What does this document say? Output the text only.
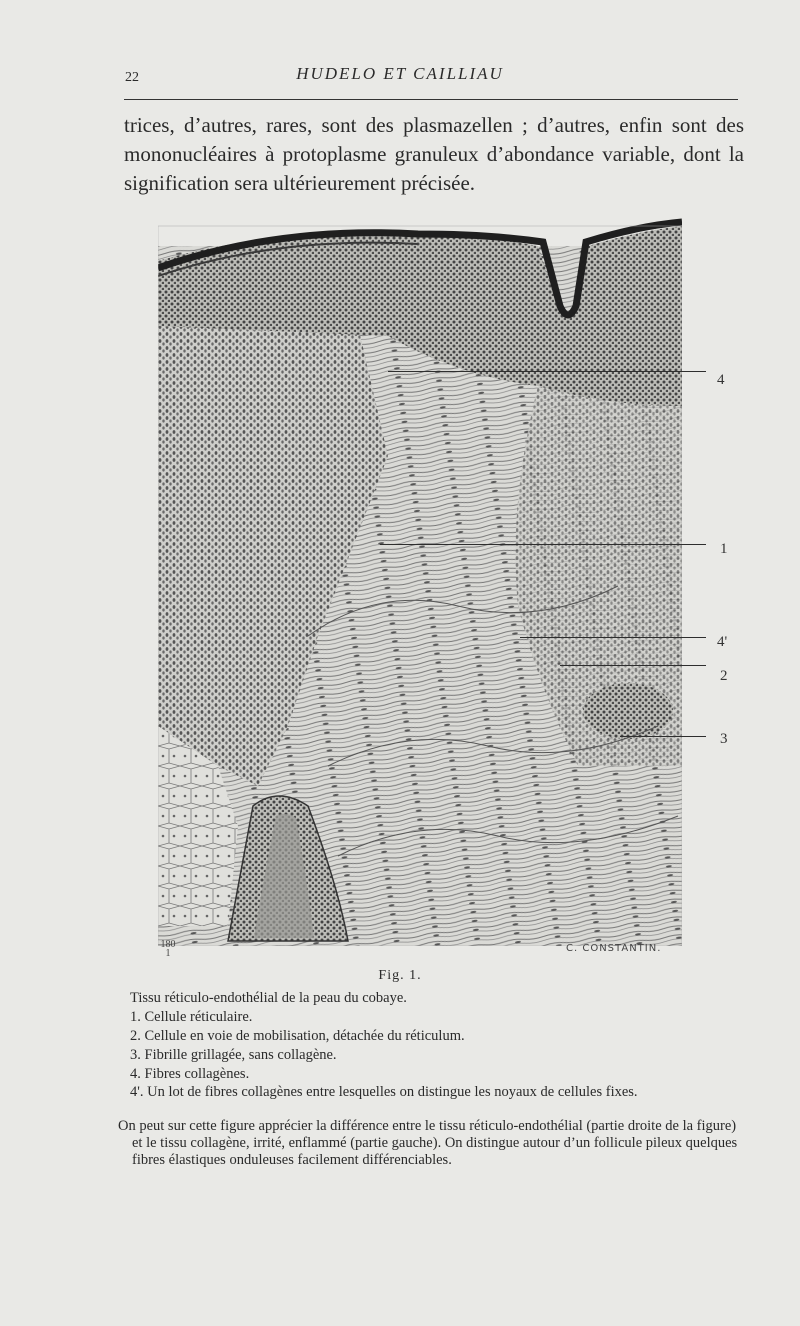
22	HUDELO ET CAILLIAU

trices, d’autres, rares, sont des plasmazellen ; d’autres, enfin sont des mononucléaires à protoplasme granuleux d’abondance variable, dont la signification sera ultérieurement précisée.

4
1
4'
2
3
180
1	C. CONSTANTIN.
Fig. 1.

Tissu réticulo-endothélial de la peau du cobaye.

1. Cellule réticulaire.

2. Cellule en voie de mobilisation, détachée du réticulum.

3. Fibrille grillagée, sans collagène.

4. Fibres collagènes.

4'. Un lot de fibres collagènes entre lesquelles on distingue les noyaux de cellules fixes.

On peut sur cette figure apprécier la différence entre le tissu réticulo-endothélial (partie droite de la figure) et le tissu collagène, irrité, enflammé (partie gauche). On distingue autour d’un follicule pileux quelques fibres élastiques onduleuses facilement différenciables.
